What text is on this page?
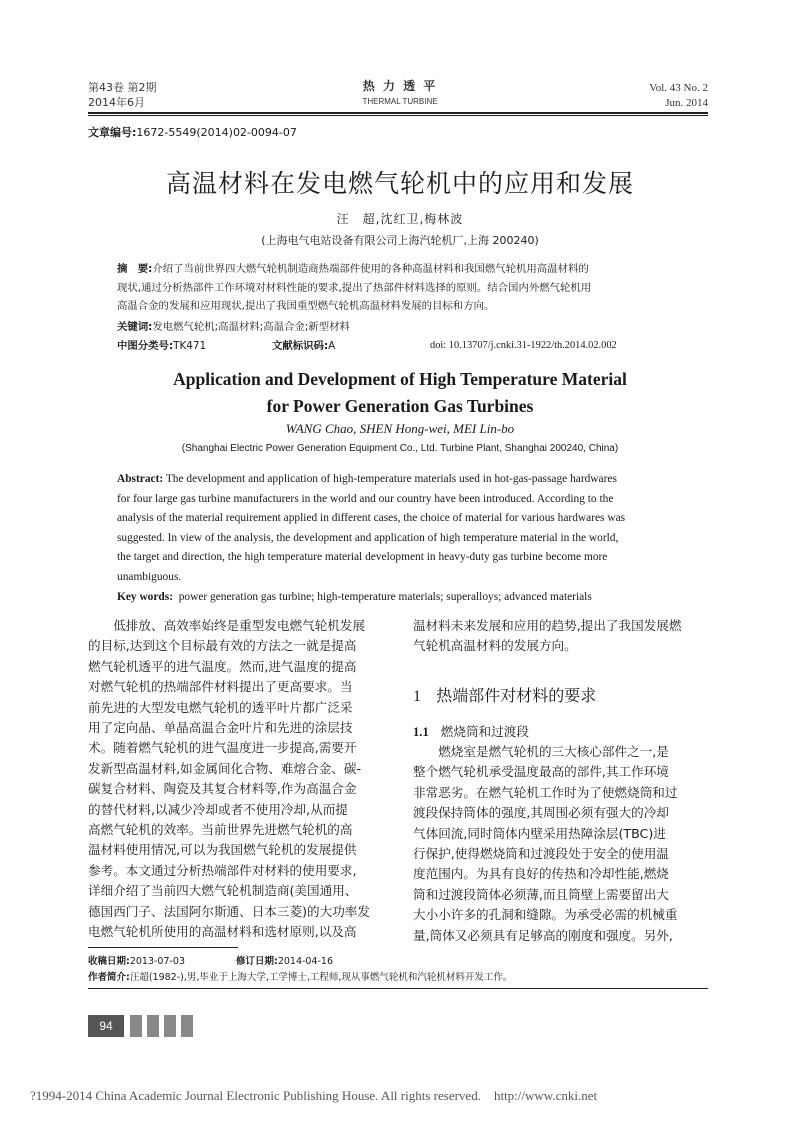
第43卷 第2期
2014年6月
热 力 透 平
THERMAL TURBINE
Vol. 43 No. 2
Jun. 2014
文章编号:1672-5549(2014)02-0094-07
高温材料在发电燃气轮机中的应用和发展
汪　超,沈红卫,梅林波
(上海电气电站设备有限公司上海汽轮机厂,上海 200240)
摘　要:介绍了当前世界四大燃气轮机制造商热端部件使用的各种高温材料和我国燃气轮机用高温材料的
现状,通过分析热部件工作环境对材料性能的要求,提出了热部件材料选择的原则。结合国内外燃气轮机用
高温合金的发展和应用现状,提出了我国重型燃气轮机高温材料发展的目标和方向。
关键词:发电燃气轮机;高温材料;高温合金;新型材料
中图分类号:TK471	文献标识码:A	doi: 10.13707/j.cnki.31-1922/th.2014.02.002
Application and Development of High Temperature Material
for Power Generation Gas Turbines
WANG Chao, SHEN Hong-wei, MEI Lin-bo
(Shanghai Electric Power Generation Equipment Co., Ltd. Turbine Plant, Shanghai 200240, China)
Abstract: The development and application of high-temperature materials used in hot-gas-passage hardwares
for four large gas turbine manufacturers in the world and our country have been introduced. According to the
analysis of the material requirement applied in different cases, the choice of material for various hardwares was
suggested. In view of the analysis, the development and application of high temperature material in the world,
the target and direction, the high temperature material development in heavy-duty gas turbine become more
unambiguous.
Key words: power generation gas turbine; high-temperature materials; superalloys; advanced materials
低排放、高效率始终是重型发电燃气轮机发展
的目标,达到这个目标最有效的方法之一就是提高
燃气轮机透平的进气温度。然而,进气温度的提高
对燃气轮机的热端部件材料提出了更高要求。当
前先进的大型发电燃气轮机的透平叶片都广泛采
用了定向晶、单晶高温合金叶片和先进的涂层技
术。随着燃气轮机的进气温度进一步提高,需要开
发新型高温材料,如金属间化合物、难熔合金、碳-
碳复合材料、陶瓷及其复合材料等,作为高温合金
的替代材料,以减少冷却或者不使用冷却,从而提
高燃气轮机的效率。当前世界先进燃气轮机的高
温材料使用情况,可以为我国燃气轮机的发展提供
参考。本文通过分析热端部件对材料的使用要求,
详细介绍了当前四大燃气轮机制造商(美国通用、
德国西门子、法国阿尔斯通、日本三菱)的大功率发
电燃气轮机所使用的高温材料和选材原则,以及高
温材料未来发展和应用的趋势,提出了我国发展燃
气轮机高温材料的发展方向。
1 热端部件对材料的要求
1.1 燃烧筒和过渡段
燃烧室是燃气轮机的三大核心部件之一,是
整个燃气轮机承受温度最高的部件,其工作环境
非常恶劣。在燃气轮机工作时为了使燃烧筒和过
渡段保持筒体的强度,其周围必须有强大的冷却
气体回流,同时筒体内壁采用热障涂层(TBC)进
行保护,使得燃烧筒和过渡段处于安全的使用温
度范围内。为具有良好的传热和冷却性能,燃烧
筒和过渡段筒体必须薄,而且筒壁上需要留出大
大小小许多的孔洞和缝隙。为承受必需的机械重
量,筒体又必须具有足够高的刚度和强度。另外,
收稿日期:2013-07-03	修订日期:2014-04-16
作者简介:汪超(1982-),男,毕业于上海大学,工学博士,工程师,现从事燃气轮机和汽轮机材料开发工作。
94
?1994-2014 China Academic Journal Electronic Publishing House. All rights reserved.    http://www.cnki.net
